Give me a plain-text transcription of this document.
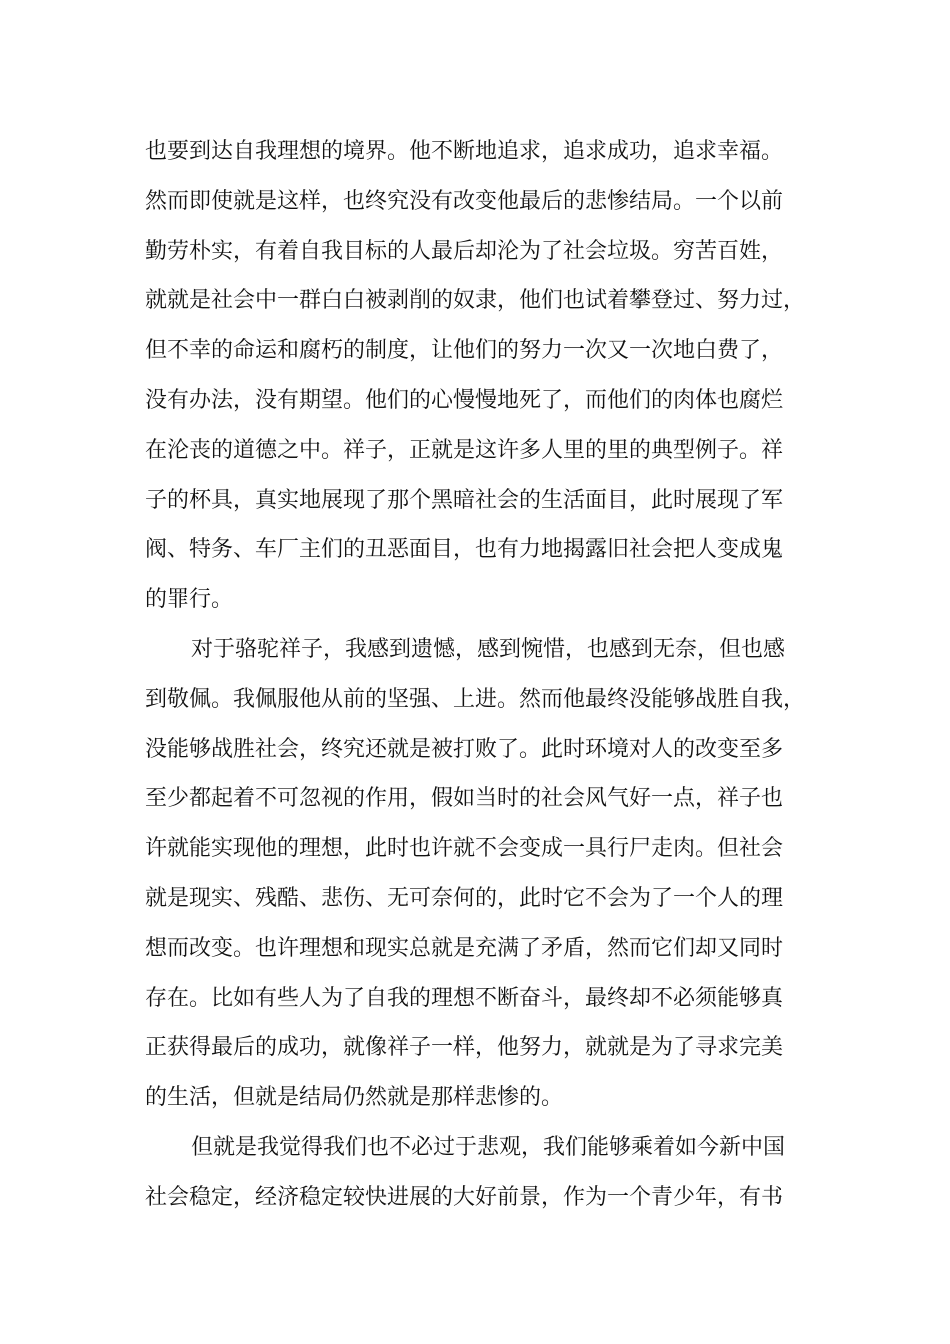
也要到达自我理想的境界。他不断地追求，追求成功，追求幸福。
然而即使就是这样，也终究没有改变他最后的悲惨结局。一个以前
勤劳朴实，有着自我目标的人最后却沦为了社会垃圾。穷苦百姓，
就就是社会中一群白白被剥削的奴隶，他们也试着攀登过、努力过，
但不幸的命运和腐朽的制度，让他们的努力一次又一次地白费了，
没有办法，没有期望。他们的心慢慢地死了，而他们的肉体也腐烂
在沦丧的道德之中。祥子，正就是这许多人里的里的典型例子。祥
子的杯具，真实地展现了那个黑暗社会的生活面目，此时展现了军
阀、特务、车厂主们的丑恶面目，也有力地揭露旧社会把人变成鬼
的罪行。
对于骆驼祥子，我感到遗憾，感到惋惜，也感到无奈，但也感
到敬佩。我佩服他从前的坚强、上进。然而他最终没能够战胜自我，
没能够战胜社会，终究还就是被打败了。此时环境对人的改变至多
至少都起着不可忽视的作用，假如当时的社会风气好一点，祥子也
许就能实现他的理想，此时也许就不会变成一具行尸走肉。但社会
就是现实、残酷、悲伤、无可奈何的，此时它不会为了一个人的理
想而改变。也许理想和现实总就是充满了矛盾，然而它们却又同时
存在。比如有些人为了自我的理想不断奋斗，最终却不必须能够真
正获得最后的成功，就像祥子一样，他努力，就就是为了寻求完美
的生活，但就是结局仍然就是那样悲惨的。
但就是我觉得我们也不必过于悲观，我们能够乘着如今新中国
社会稳定，经济稳定较快进展的大好前景，作为一个青少年，有书
